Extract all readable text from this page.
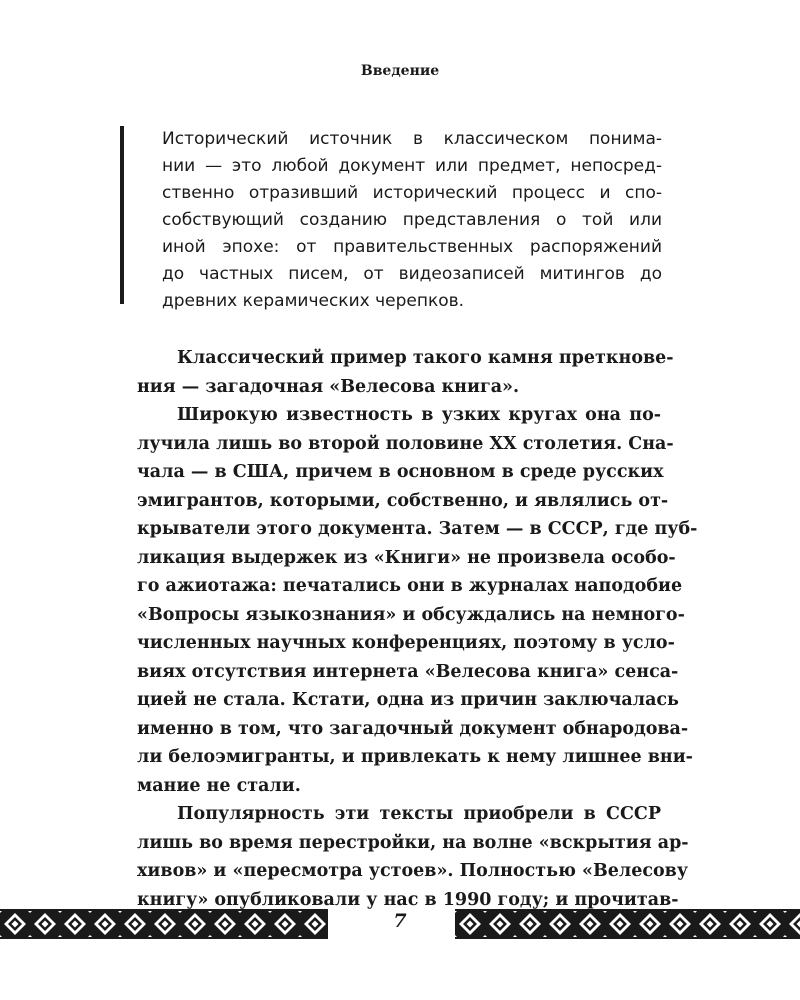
Введение
Исторический источник в классическом понима-
нии — это любой документ или предмет, непосред-
ственно отразивший исторический процесс и спо-
собствующий созданию представления о той или
иной эпохе: от правительственных распоряжений
до частных писем, от видеозаписей митингов до
древних керамических черепков.
Классический пример такого камня преткнове-
ния — загадочная «Велесова книга».
Широкую известность в узких кругах она по-
лучила лишь во второй половине XX столетия. Сна-
чала — в США, причем в основном в среде русских
эмигрантов, которыми, собственно, и являлись от-
крыватели этого документа. Затем — в СССР, где пуб-
ликация выдержек из «Книги» не произвела особо-
го ажиотажа: печатались они в журналах наподобие
«Вопросы языкознания» и обсуждались на немного-
численных научных конференциях, поэтому в усло-
виях отсутствия интернета «Велесова книга» сенса-
цией не стала. Кстати, одна из причин заключалась
именно в том, что загадочный документ обнародова-
ли белоэмигранты, и привлекать к нему лишнее вни-
мание не стали.
Популярность эти тексты приобрели в СССР
лишь во время перестройки, на волне «вскрытия ар-
хивов» и «пересмотра устоев». Полностью «Велесову
книгу» опубликовали у нас в 1990 году; и прочитав-
7
